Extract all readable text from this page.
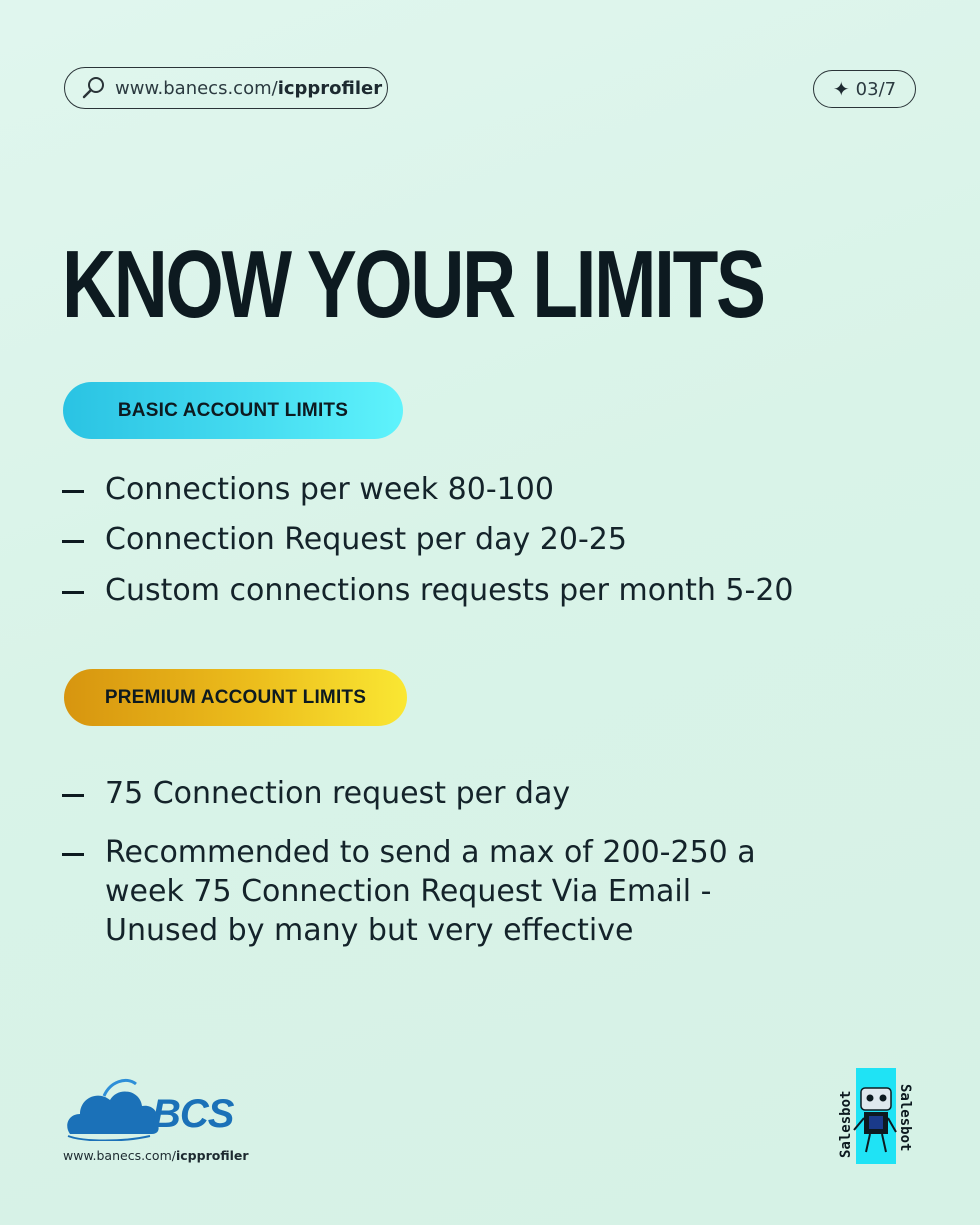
www.banecs.com/icpprofiler	✦ 03/7
KNOW YOUR LIMITS
BASIC ACCOUNT LIMITS
Connections per week 80-100
Connection Request per day 20-25
Custom connections requests per month 5-20
PREMIUM ACCOUNT LIMITS
75 Connection request per day
Recommended to send a max of 200-250 a week 75 Connection Request Via Email - Unused by many but very effective
BCS
www.banecs.com/icpprofiler	Salesbot	Salesbot
